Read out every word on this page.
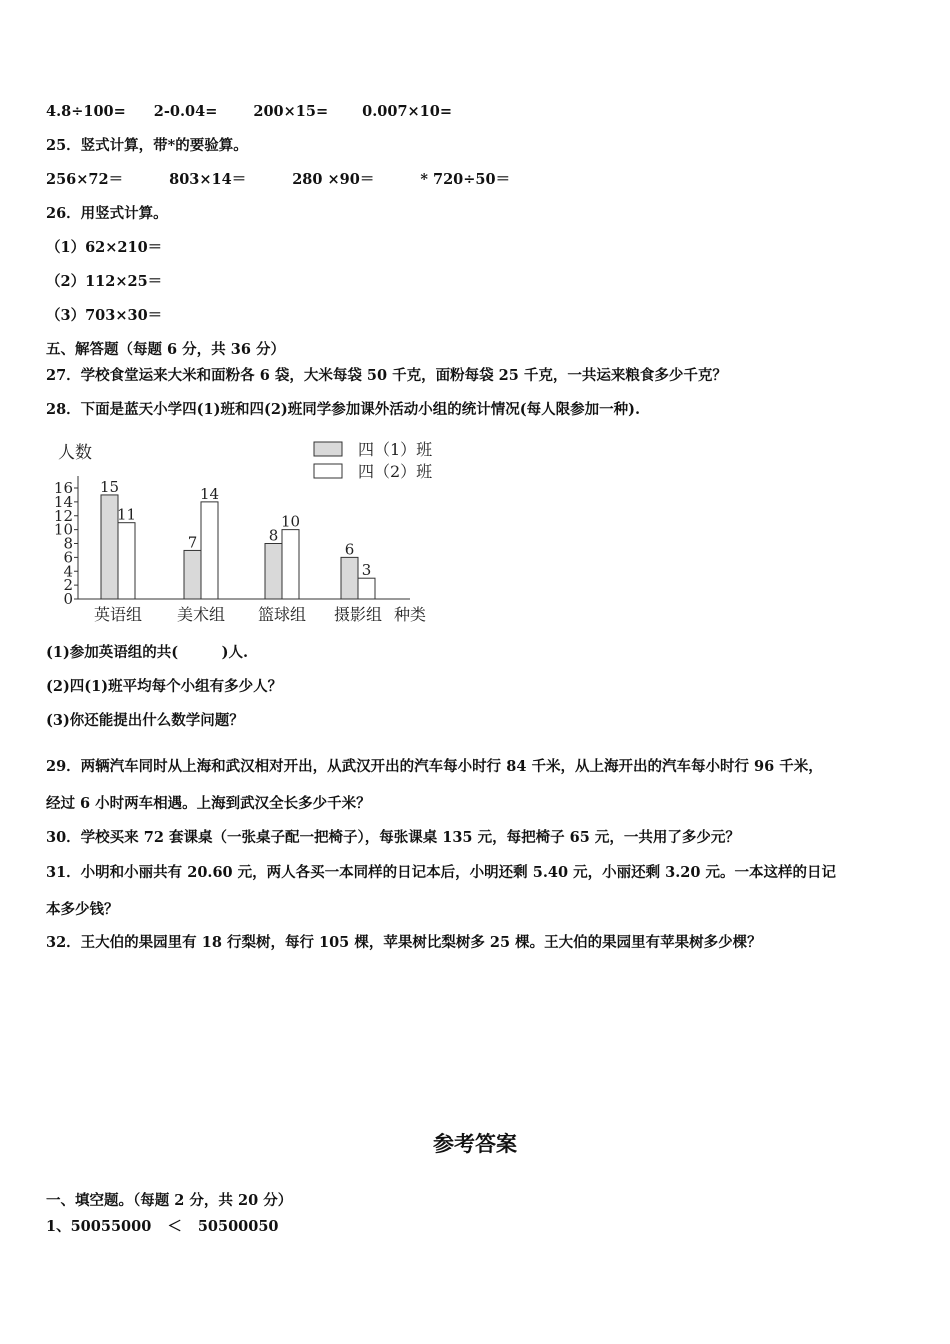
4.8÷100= 2-0.04= 200×15= 0.007×10=
25．竖式计算，带*的要验算。
256×72＝	803×14＝	280 ×90＝	* 720÷50＝
26．用竖式计算。
（1）62×210＝
（2）112×25＝
（3）703×30＝
五、解答题（每题 6 分，共 36 分）
27．学校食堂运来大米和面粉各 6 袋，大米每袋 50 千克，面粉每袋 25 千克，一共运来粮食多少千克？
28．下面是蓝天小学四(1)班和四(2)班同学参加课外活动小组的统计情况(每人限参加一种).
人数
0
2
4
6
8
10
12
14
16 15
7	8
6
11
14
10
3
英语组 美术组 篮球组 摄影组 种类
四（1）班
四（2）班
(1)参加英语组的共(　　　)人.
(2)四(1)班平均每个小组有多少人？
(3)你还能提出什么数学问题？
29．两辆汽车同时从上海和武汉相对开出，从武汉开出的汽车每小时行 84 千米，从上海开出的汽车每小时行 96 千米，
经过 6 小时两车相遇。上海到武汉全长多少千米？
30．学校买来 72 套课桌（一张桌子配一把椅子），每张课桌 135 元，每把椅子 65 元，一共用了多少元？
31．小明和小丽共有 20.60 元，两人各买一本同样的日记本后，小明还剩 5.40 元，小丽还剩 3.20 元。一本这样的日记
本多少钱？
32．王大伯的果园里有 18 行梨树，每行 105 棵，苹果树比梨树多 25 棵。王大伯的果园里有苹果树多少棵？
参考答案
一、填空题。（每题 2 分，共 20 分）
1、50055000 ＜ 50500050
